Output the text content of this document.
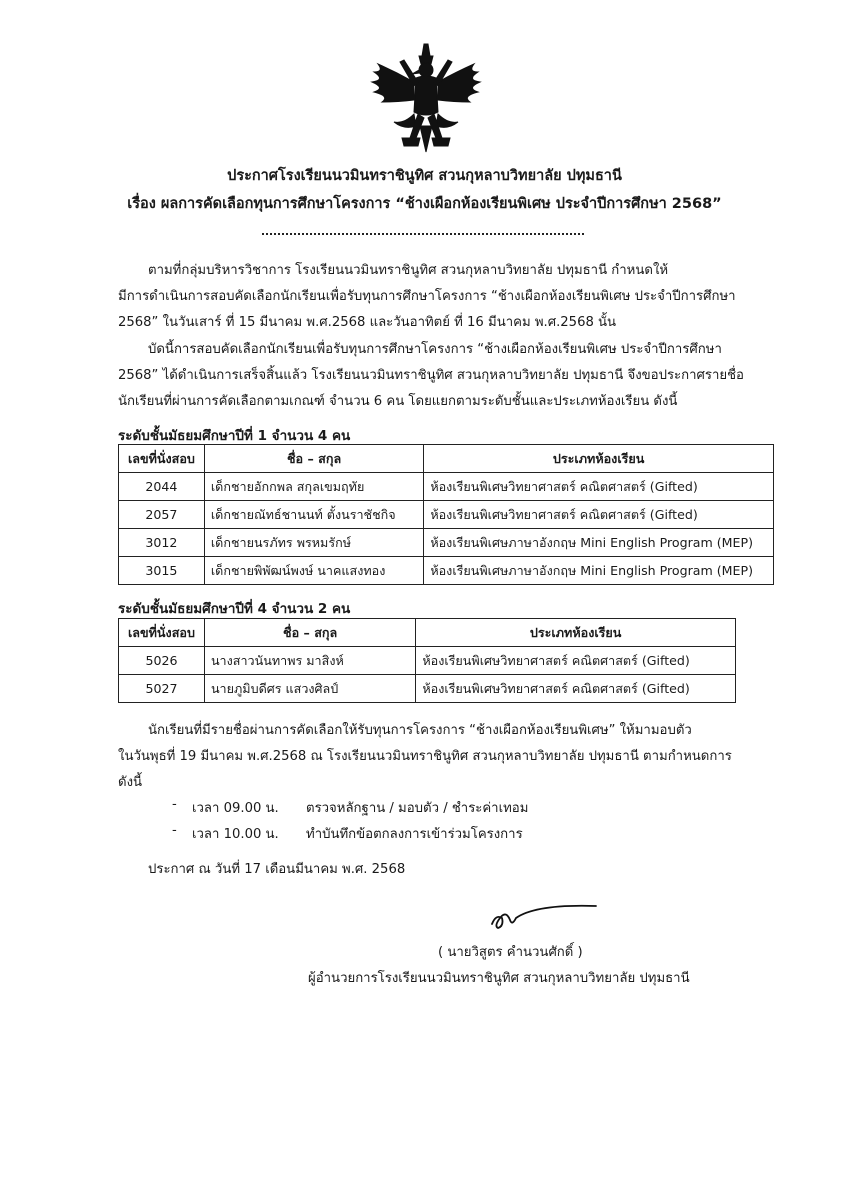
ประกาศโรงเรียนนวมินทราชินูทิศ สวนกุหลาบวิทยาลัย ปทุมธานี
เรื่อง ผลการคัดเลือกทุนการศึกษาโครงการ “ช้างเผือกห้องเรียนพิเศษ ประจำปีการศึกษา 2568”
ตามที่กลุ่มบริหารวิชาการ โรงเรียนนวมินทราชินูทิศ สวนกุหลาบวิทยาลัย ปทุมธานี กำหนดให้
มีการดำเนินการสอบคัดเลือกนักเรียนเพื่อรับทุนการศึกษาโครงการ “ช้างเผือกห้องเรียนพิเศษ ประจำปีการศึกษา
2568” ในวันเสาร์ ที่ 15 มีนาคม พ.ศ.2568 และวันอาทิตย์ ที่ 16 มีนาคม พ.ศ.2568 นั้น
บัดนี้การสอบคัดเลือกนักเรียนเพื่อรับทุนการศึกษาโครงการ “ช้างเผือกห้องเรียนพิเศษ ประจำปีการศึกษา
2568” ได้ดำเนินการเสร็จสิ้นแล้ว โรงเรียนนวมินทราชินูทิศ สวนกุหลาบวิทยาลัย ปทุมธานี จึงขอประกาศรายชื่อ
นักเรียนที่ผ่านการคัดเลือกตามเกณฑ์ จำนวน 6 คน โดยแยกตามระดับชั้นและประเภทห้องเรียน ดังนี้
ระดับชั้นมัธยมศึกษาปีที่ 1 จำนวน 4 คน
เลขที่นั่งสอบ	ชื่อ – สกุล	ประเภทห้องเรียน
2044	เด็กชายอักกพล สกุลเขมฤทัย	ห้องเรียนพิเศษวิทยาศาสตร์ คณิตศาสตร์ (Gifted)
2057	เด็กชายณัทธ์ชานนท์ ตั้งนราชัชกิจ	ห้องเรียนพิเศษวิทยาศาสตร์ คณิตศาสตร์ (Gifted)
3012	เด็กชายนรภัทร พรหมรักษ์	ห้องเรียนพิเศษภาษาอังกฤษ Mini English Program (MEP)
3015	เด็กชายพิพัฒน์พงษ์ นาคแสงทอง	ห้องเรียนพิเศษภาษาอังกฤษ Mini English Program (MEP)
ระดับชั้นมัธยมศึกษาปีที่ 4 จำนวน 2 คน
เลขที่นั่งสอบ	ชื่อ – สกุล	ประเภทห้องเรียน
5026	นางสาวนันทาพร มาสิงห์	ห้องเรียนพิเศษวิทยาศาสตร์ คณิตศาสตร์ (Gifted)
5027	นายภูมิบดีศร แสวงศิลป์	ห้องเรียนพิเศษวิทยาศาสตร์ คณิตศาสตร์ (Gifted)
นักเรียนที่มีรายชื่อผ่านการคัดเลือกให้รับทุนการโครงการ “ช้างเผือกห้องเรียนพิเศษ” ให้มามอบตัว
ในวันพุธที่ 19 มีนาคม พ.ศ.2568 ณ โรงเรียนนวมินทราชินูทิศ สวนกุหลาบวิทยาลัย ปทุมธานี ตามกำหนดการ
ดังนี้
- เวลา 09.00 น. ตรวจหลักฐาน / มอบตัว / ชำระค่าเทอม
- เวลา 10.00 น. ทำบันทึกข้อตกลงการเข้าร่วมโครงการ
ประกาศ ณ วันที่ 17 เดือนมีนาคม พ.ศ. 2568
( นายวิสูตร คำนวนศักดิ์ )
ผู้อำนวยการโรงเรียนนวมินทราชินูทิศ สวนกุหลาบวิทยาลัย ปทุมธานี
